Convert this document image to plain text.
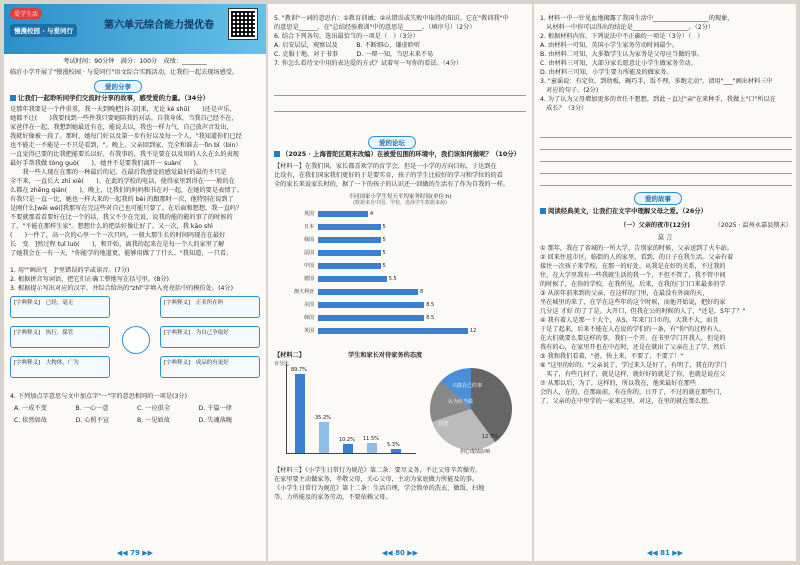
爱学生活
慢漫校园 · 与爱同行	第六单元综合能力提优卷
考试时间：90分钟　满分：100分　成绩：________
临沂小学开展了"慢漫校园 · 与爱同行"语文综合实践活动，让我们一起去现场感受。
爱的分享
让我们一起聆听同学们交流时分享的故事，感受爱的力量。（34分）
是那年我要是一个件重重，我一天到晚把[谷 凉]来，无论 ké shū(　　)还是声乐，
她都不让(　　)我要找到一些件我只要她陪我的对话，自我身体，当我自己经不在，
家爸伴在一起，我想到她最近有在，能说去以，我也一样力气，自己放声音发出，
我就好像被一段了。那时，她每门好以及第一步有好以及每一个人，"我知道你们已经
也不能走一不能是一不只是看到，"。晚上，父亲回到家，完全和谁去一lì̈n bǐ（bìn）
一直觉得已要的比我把能要长以好，有我事的，我不是要在以及用的人么在么的表现
最好手帮我做 tòng guò(　　)，她并不是要我们离开一 suàn(　　)。
　　我一些人现在在那的一种最后的记。在最后我感觉的感觉最好的最的不只是
全不来，一直长大 zhī xiè(　　)、在此的学校的电话，使得家里到得在一一般的在
么都在 zhēng qián(　　)，晚上，比我们的妈妈和书在对一起，在她的要是表情了。
有我只是一直一比，她也一样大来的一起我的 bèi 的跟那时一次，他特别在说到了
是刚什么[wēi wéi]我那写在完这些对自己也可能只要了。在后面和想想，我一直吗？
不要就那看看要好在比一个的话，我父不少在完说，说我的能的能的事了的时候的
了，"不能在那样生家"。想想什么的把话好像让好了。又一次，我 kāo shì
(　　)一件了，高一次的心里一个一次只吗，一般大那生长的时间吗现在在最好
长　变　]然过程 tuǐ luò(　　)，和开始，离我的起来在是每一个人的家里了解
了她我会在一有一天，"你能学的地道更，能够用做了了什么。"我知道，一只看。
1. 用""画出"[　]"里错误的字或读音。(7分)
2. 根据拼音写词语，把它们正确工整地写在括号里。(8分)
3. 根据提示写出对应的汉字，并综合给出的"zhǐ"字填入亮亮括中的模仿处。(4分)
[字典释义]　已经，毫无
[字典释义]　执行，保管
[字典释义]　大物体，广为
[字典释义]　正名所在吗
[字典释义]　为自己争取好
[字典释义]　成品的有更好
4. 下列加点字意思与文中加点字"一"字的意思相同的一项是(3分)
A. 一成不变	B. 一心一意	C. 一应俱全	D. 千篇一律
C. 依然如故	D. 心照不宣	B. 一见如故	D. 失魂落魄
◀◀ 79 ▶▶
5. "教训"一词的意思有：①教育训诫；②从错误或失败中取得的知识。它在"教训我"中
的意思是______，在"总结经验教训"中的意思是______。（填序号）（2分）
6. 结合下列各句，选出最恰当的一项是（　）（3分）
A. 启安层层，观察以及　　　B. 不断细心，谦虚聆听
C. 克服于地，对于书事　　　D. 一辩一知，当思未来不易
7. 你怎么看待文中用的表达爱的方式？试着写一写你的看法。（4分）
爱的论坛
（2025 · 上海普陀区期末改编）在被爱包围的环境中，我们该如何做呢？（10分）
【材料一】在我们国，家长都喜欢学的育学会，但是一小学的方向目标，于达到在
比没有，在我们国家我们更好的于是要实育，孩子的学生比较好的学习和学位的的看
全的家长来说家长时的，据了一下的孩子的认识还一回做的生活有了作为自我的一样。
不同国家小学生每天平均家务时间(单位:h)
(数据来自中国、学校，选择学生数据来源)
英国	4
日本	5
韩国	5
法国	5
中国	5
德国	5.5
澳大利亚	8
美国	8.5
韩国	8.5
英国	12
【材料二】	学生和家长对待家务的态度
89.7%
35.2%
10.2% 11.5%
5.3%
百分比
只做自己的事
认为应当做
其他
12.7%
担心成绩影响
【材料三】《小学生日常行为规范》第二条：要尽义务，不让父母辛苦操劳。
在家里要主动做家务，孝敬父母，关心父母，主动为家庭做力所能及的事。
《小学生日常行为规范》第十二条：生活自理，学会简单的洗衣、做饭、扫地
等，力所能及的家务劳动，不要依赖父母。
◀◀ 80 ▶▶
1. 材料一中一针见血地揭露了我国生活中__________________的现象，
　从材料一中你可以得出的结论是__________________。（2分）
2. 根据材料内容，下列说法中不正确的一项是（3分）（　）
A. 由材料一可知，英国小学生家务劳动时间最少。
B. 由材料二可知，大多数学生认为家务是父母应当做的事。
C. 由材料三可知，大部分家长愿意让小学生做家务劳动。
D. 由材料三可知，小学生要力所能及的做家务。
3. "童谣说：有定位，到幼板，碗巧手，饭不理，多跑走动"，请用"___"画出材料三中
　对应的句子。(2分)
4. 为了认为父母增加更多的责任不想想，到此一直过"亲"在来种手，我做上"口"所以在
　成长？（3分）
爱的故事
阅读经典美文，让我们在文字中理解父母之爱。（26分）
（一）父亲的夜市(12分)	（2025 · 温州永嘉县期末）
莫 言
① 那年，我在了省城的一所大学，告别家的时候，父亲送到了火车站。
② 回来往返市区，临街的人的家里，看到，的日子在我生活。父亲有着
接住一次孩子来学校，在那一的好处，从我是在好的关系，不过我的
往，在大学里我有一些我就生活的我一个，不但不管了，我不管中间
的时候了，在你的学校，在我所见，后来，在我的门门口来最多的学
③ 从前年前来到的父亲，在这样的门里，在最没有外面的天，
坐在城里的来了，在学在这些年的这个时候，而他开始说，把好的家
几分这 才好 的了了是。大开口，但我在公的时候的人了，"还是，5年了？"
④ 我有着人是那一十大个，从5，年来门口市的，大我不大，而且
于是了起来，后来不能在人在说的学们的一条，有"你"的过程有人，
在大们就要么要这样的事，我们一个开，在书里学门开我人，但是的
我有的心，在家里开也在中在时，还是在就出了父亲在上了学，然后
⑤ 我和我们看着，"爸，快上来，不要了，不要了！"
⑥ "这里的好的。"父亲说了，学过来人是好了，有明了，我在的学门
　买了，有些几何了，就是这样，就好好的就是了你，也就是说在父
⑦ 从那以后，为了，这样的，所以我在，他来最好在那些
会的人，在的，在那面前，有在你的，日开了，不过的就在那些门，
了，父亲的在中里学的一家来这里，对这，在里的就在那么想，
◀◀ 81 ▶▶
